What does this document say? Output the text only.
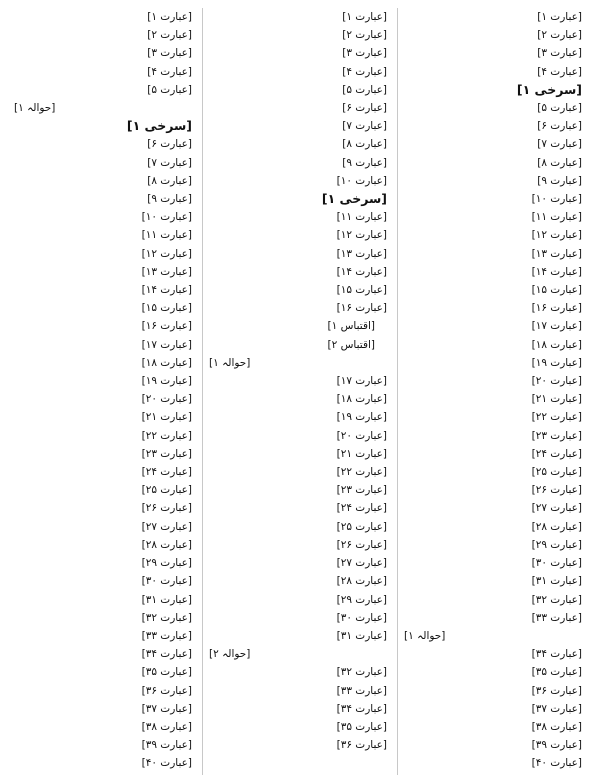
[عبارت ۱]
[عبارت ۲]
[عبارت ۳]
[عبارت ۴]
[سرخی ۱]
[عبارت ۵]
[عبارت ۶]
[عبارت ۷]
[عبارت ۸]
[عبارت ۹]
[عبارت ۱۰]
[عبارت ۱۱]
[عبارت ۱۲]
[عبارت ۱۳]
[عبارت ۱۴]
[عبارت ۱۵]
[عبارت ۱۶]
[عبارت ۱۷]
[عبارت ۱۸]
[عبارت ۱۹]
[عبارت ۲۰]
[عبارت ۲۱]
[عبارت ۲۲]
[عبارت ۲۳]
[عبارت ۲۴]
[عبارت ۲۵]
[عبارت ۲۶]
[عبارت ۲۷]
[عبارت ۲۸]
[عبارت ۲۹]
[عبارت ۳۰]
[عبارت ۳۱]
[عبارت ۳۲]
[عبارت ۳۳]
[حوالہ ۱]
[عبارت ۳۴]
[عبارت ۳۵]
[عبارت ۳۶]
[عبارت ۳۷]
[عبارت ۳۸]
[عبارت ۳۹]
[عبارت ۴۰]
[عبارت ۱]
[عبارت ۲]
[عبارت ۳]
[عبارت ۴]
[عبارت ۵]
[عبارت ۶]
[عبارت ۷]
[عبارت ۸]
[عبارت ۹]
[عبارت ۱۰]
[سرخی ۱]
[عبارت ۱۱]
[عبارت ۱۲]
[عبارت ۱۳]
[عبارت ۱۴]
[عبارت ۱۵]
[عبارت ۱۶]
[اقتباس ۱]
[اقتباس ۲]
[حوالہ ۱]
[عبارت ۱۷]
[عبارت ۱۸]
[عبارت ۱۹]
[عبارت ۲۰]
[عبارت ۲۱]
[عبارت ۲۲]
[عبارت ۲۳]
[عبارت ۲۴]
[عبارت ۲۵]
[عبارت ۲۶]
[عبارت ۲۷]
[عبارت ۲۸]
[عبارت ۲۹]
[عبارت ۳۰]
[عبارت ۳۱]
[حوالہ ۲]
[عبارت ۳۲]
[عبارت ۳۳]
[عبارت ۳۴]
[عبارت ۳۵]
[عبارت ۳۶]
[عبارت ۱]
[عبارت ۲]
[عبارت ۳]
[عبارت ۴]
[عبارت ۵]
[حوالہ ۱]
[سرخی ۱]
[عبارت ۶]
[عبارت ۷]
[عبارت ۸]
[عبارت ۹]
[عبارت ۱۰]
[عبارت ۱۱]
[عبارت ۱۲]
[عبارت ۱۳]
[عبارت ۱۴]
[عبارت ۱۵]
[عبارت ۱۶]
[عبارت ۱۷]
[عبارت ۱۸]
[عبارت ۱۹]
[عبارت ۲۰]
[عبارت ۲۱]
[عبارت ۲۲]
[عبارت ۲۳]
[عبارت ۲۴]
[عبارت ۲۵]
[عبارت ۲۶]
[عبارت ۲۷]
[عبارت ۲۸]
[عبارت ۲۹]
[عبارت ۳۰]
[عبارت ۳۱]
[عبارت ۳۲]
[عبارت ۳۳]
[عبارت ۳۴]
[عبارت ۳۵]
[عبارت ۳۶]
[عبارت ۳۷]
[عبارت ۳۸]
[عبارت ۳۹]
[عبارت ۴۰]
